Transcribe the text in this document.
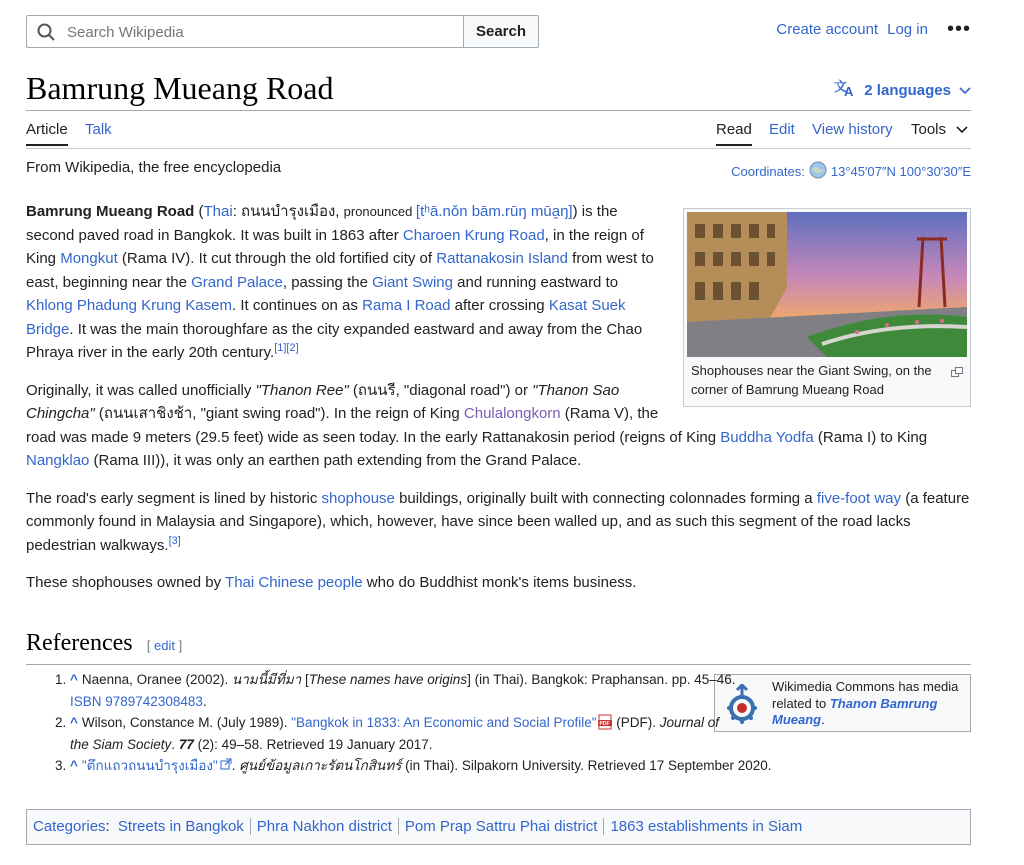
Search Wikipedia
Search	Create account Log in •••
Bamrung Mueang Road	文
A 2 languages
Article Talk	Read Edit View history Tools
From Wikipedia, the free encyclopedia	Coordinates: 13°45′07″N 100°30′30″E
Shophouses near the Giant Swing, on the corner of Bamrung Mueang Road

Bamrung Mueang Road (Thai: ถนนบำรุงเมือง, pronounced [tʰā.nǒn bām.rūŋ mūa̯ŋ]) is the second paved road in Bangkok. It was built in 1863 after Charoen Krung Road, in the reign of King Mongkut (Rama IV). It cut through the old fortified city of Rattanakosin Island from west to east, beginning near the Grand Palace, passing the Giant Swing and running eastward to Khlong Phadung Krung Kasem. It continues on as Rama I Road after crossing Kasat Suek Bridge. It was the main thoroughfare as the city expanded eastward and away from the Chao Phraya river in the early 20th century.[1][2]

Originally, it was called unofficially "Thanon Ree" (ถนนรี, "diagonal road") or "Thanon Sao Chingcha" (ถนนเสาชิงช้า, "giant swing road"). In the reign of King Chulalongkorn (Rama V), the road was made 9 meters (29.5 feet) wide as seen today. In the early Rattanakosin period (reigns of King Buddha Yodfa (Rama I) to King Nangklao (Rama III)), it was only an earthen path extending from the Grand Palace.

The road's early segment is lined by historic shophouse buildings, originally built with connecting colonnades forming a five-foot way (a feature commonly found in Malaysia and Singapore), which, however, have since been walled up, and as such this segment of the road lacks pedestrian walkways.[3]

These shophouses owned by Thai Chinese people who do Buddhist monk's items business.

References [ edit ]
Wikimedia Commons has media related to Thanon Bamrung Mueang.
1. ^ Naenna, Oranee (2002). นามนี้มีที่มา [These names have origins] (in Thai). Bangkok: Praphansan. pp. 45–46. ISBN 9789742308483.
2. ^ Wilson, Constance M. (July 1989). "Bangkok in 1833: An Economic and Social Profile" PDF (PDF). Journal of the Siam Society. 77 (2): 49–58. Retrieved 19 January 2017.
3. ^ "ตึกแถวถนนบำรุงเมือง" . ศูนย์ข้อมูลเกาะรัตนโกสินทร์ (in Thai). Silpakorn University. Retrieved 17 September 2020.
Categories: Streets in Bangkok Phra Nakhon district Pom Prap Sattru Phai district 1863 establishments in Siam
